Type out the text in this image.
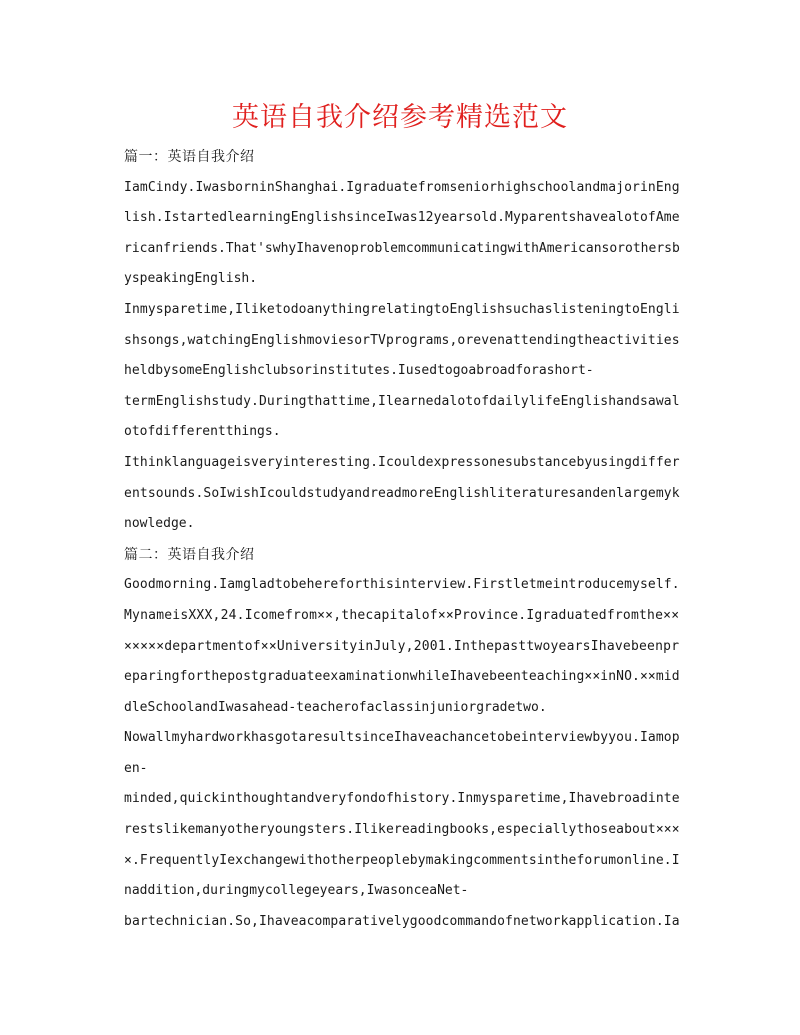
英语自我介绍参考精选范文
篇一：英语自我介绍
I a m C i n d y . I w a s b o r n i n S h a n g h a i . I g r a d u a t e f r o m s e n i o r h i g h s c h o o l a n d m a j o r i n E n g
l i s h . I s t a r t e d l e a r n i n g E n g l i s h s i n c e I w a s 1 2 y e a r s o l d . M y p a r e n t s h a v e a l o t o f A m e
r i c a n f r i e n d s . T h a t ' s w h y I h a v e n o p r o b l e m c o m m u n i c a t i n g w i t h A m e r i c a n s o r o t h e r s b
yspeakingEnglish.
I n m y s p a r e t i m e , I l i k e t o d o a n y t h i n g r e l a t i n g t o E n g l i s h s u c h a s l i s t e n i n g t o E n g l i
s h s o n g s , w a t c h i n g E n g l i s h m o v i e s o r T V p r o g r a m s , o r e v e n a t t e n d i n g t h e a c t i v i t i e s
heldbysomeEnglishclubsorinstitutes.Iusedtogoabroadforashort-
t e r m E n g l i s h s t u d y . D u r i n g t h a t t i m e , I l e a r n e d a l o t o f d a i l y l i f e E n g l i s h a n d s a w a l
otofdifferentthings.
I t h i n k l a n g u a g e i s v e r y i n t e r e s t i n g . I c o u l d e x p r e s s o n e s u b s t a n c e b y u s i n g d i f f e r
e n t s o u n d s . S o I w i s h I c o u l d s t u d y a n d r e a d m o r e E n g l i s h l i t e r a t u r e s a n d e n l a r g e m y k
nowledge.
篇二：英语自我介绍
G o o d m o r n i n g . I a m g l a d t o b e h e r e f o r t h i s i n t e r v i e w . F i r s t l e t m e i n t r o d u c e m y s e l f .
M y n a m e i s X X X , 2 4 . I c o m e f r o m × × , t h e c a p i t a l o f × × P r o v i n c e . I g r a d u a t e d f r o m t h e × ×
× × × × × d e p a r t m e n t o f × × U n i v e r s i t y i n J u l y , 2 0 0 1 . I n t h e p a s t t w o y e a r s I h a v e b e e n p r
e p a r i n g f o r t h e p o s t g r a d u a t e e x a m i n a t i o n w h i l e I h a v e b e e n t e a c h i n g × × i n N O . × × m i d
dleSchoolandIwasahead-teacherofaclassinjuniorgradetwo.
N o w a l l m y h a r d w o r k h a s g o t a r e s u l t s i n c e I h a v e a c h a n c e t o b e i n t e r v i e w b y y o u . I a m o p
en-
m i n d e d , q u i c k i n t h o u g h t a n d v e r y f o n d o f h i s t o r y . I n m y s p a r e t i m e , I h a v e b r o a d i n t e
r e s t s l i k e m a n y o t h e r y o u n g s t e r s . I l i k e r e a d i n g b o o k s , e s p e c i a l l y t h o s e a b o u t × × ×
× . F r e q u e n t l y I e x c h a n g e w i t h o t h e r p e o p l e b y m a k i n g c o m m e n t s i n t h e f o r u m o n l i n e . I
naddition,duringmycollegeyears,IwasonceaNet-
b a r t e c h n i c i a n . S o , I h a v e a c o m p a r a t i v e l y g o o d c o m m a n d o f n e t w o r k a p p l i c a t i o n . I a
